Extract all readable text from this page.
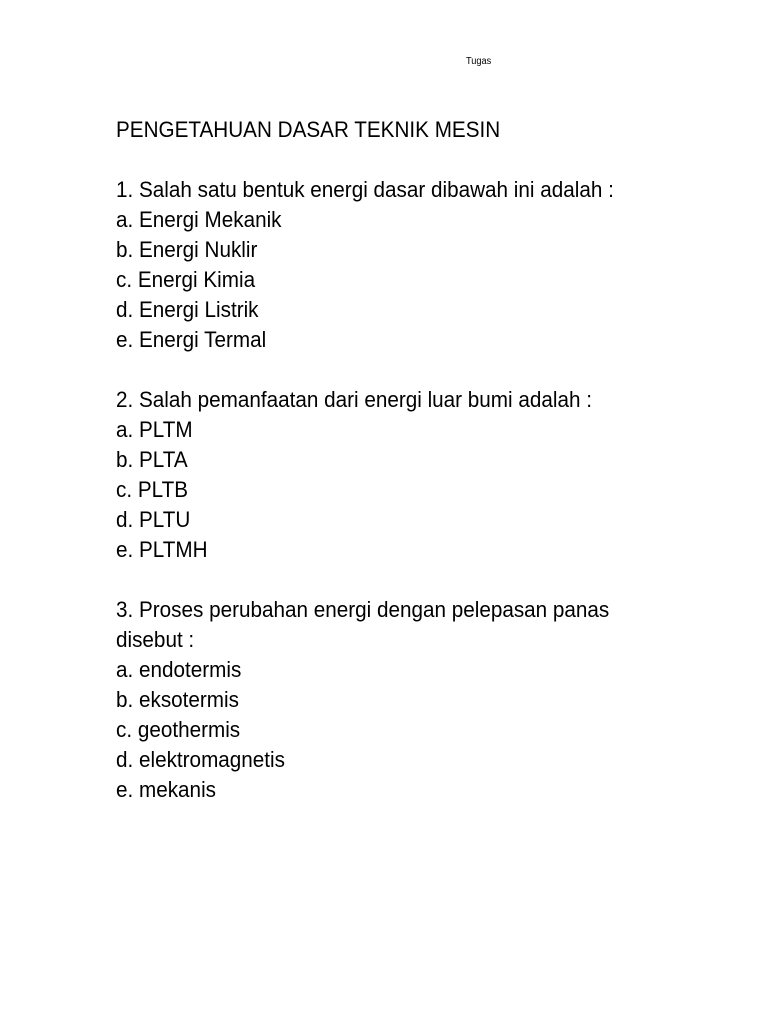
Tugas
PENGETAHUAN DASAR TEKNIK MESIN
1. Salah satu bentuk energi dasar dibawah ini adalah :
a. Energi Mekanik
b. Energi Nuklir
c. Energi Kimia
d. Energi Listrik
e. Energi Termal
2. Salah pemanfaatan dari energi luar bumi adalah :
a. PLTM
b. PLTA
c. PLTB
d. PLTU
e. PLTMH
3. Proses perubahan energi dengan pelepasan panas disebut :
a. endotermis
b. eksotermis
c. geothermis
d. elektromagnetis
e. mekanis
